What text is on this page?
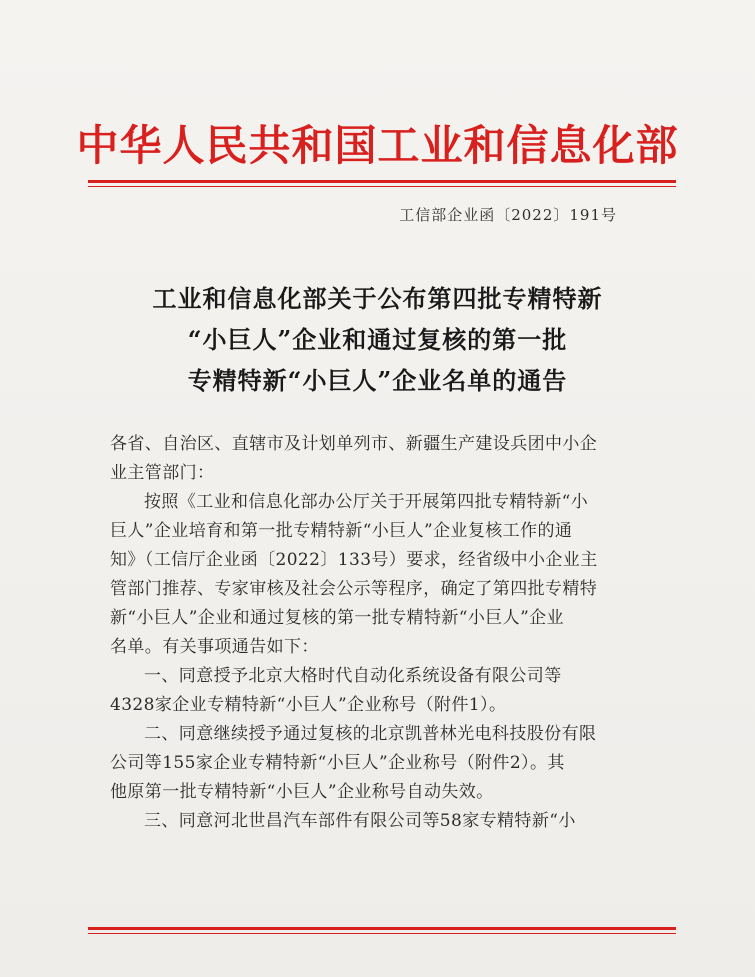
中华人民共和国工业和信息化部
工信部企业函〔2022〕191号
工业和信息化部关于公布第四批专精特新
“小巨人”企业和通过复核的第一批
专精特新“小巨人”企业名单的通告
各省、自治区、直辖市及计划单列市、新疆生产建设兵团中小企
业主管部门：
按照《工业和信息化部办公厅关于开展第四批专精特新“小
巨人”企业培育和第一批专精特新“小巨人”企业复核工作的通
知》（工信厅企业函〔2022〕133号）要求，经省级中小企业主
管部门推荐、专家审核及社会公示等程序，确定了第四批专精特
新“小巨人”企业和通过复核的第一批专精特新“小巨人”企业
名单。有关事项通告如下：
一、同意授予北京大格时代自动化系统设备有限公司等
4328家企业专精特新“小巨人”企业称号（附件1）。
二、同意继续授予通过复核的北京凯普林光电科技股份有限
公司等155家企业专精特新“小巨人”企业称号（附件2）。其
他原第一批专精特新“小巨人”企业称号自动失效。
三、同意河北世昌汽车部件有限公司等58家专精特新“小
